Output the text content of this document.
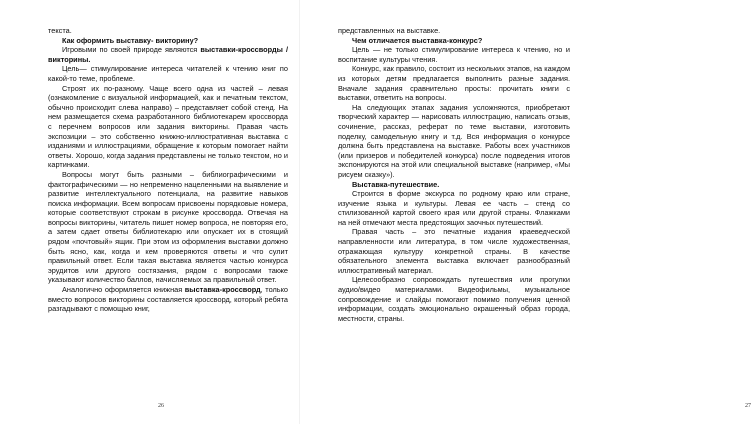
текста.

Как оформить выставку- викторину?

Игровыми по своей природе являются выставки-кроссворды / викторины.

Цель— стимулирование интереса читателей к чтению книг по какой-то теме, проблеме.

Строят их по-разному. Чаще всего одна из частей – левая (ознакомление с визуальной информацией, как и печатным текстом, обычно происходит слева направо) – представляет собой стенд. На нем размещается схема разработанного библиотекарем кроссворда с перечнем вопросов или задания викторины. Правая часть экспозиции – это собственно книжно-иллюстративная выставка с изданиями и иллюстрациями, обращение к которым помогает найти ответы. Хорошо, когда задания представлены не только текстом, но и картинками.

Вопросы могут быть разными – библиографическими и фактографическими — но непременно нацеленными на выявление и развитие интеллектуального потенциала, на развитие навыков поиска информации. Всем вопросам присвоены порядковые номера, которые соответствуют строкам в рисунке кроссворда. Отвечая на вопросы викторины, читатель пишет номер вопроса, не повторяя его, а затем сдает ответы библиотекарю или опускает их в стоящий рядом «почтовый» ящик. При этом из оформления выставки должно быть ясно, как, когда и кем проверяются ответы и что сулит правильный ответ. Если такая выставка является частью конкурса эрудитов или другого состязания, рядом с вопросами также указывают количество баллов, начисляемых за правильный ответ.

Аналогично оформляется книжная выставка-кроссворд, только вместо вопросов викторины составляется кроссворд, который ребята разгадывают с помощью книг,

26

представленных на выставке.

Чем отличается выставка-конкурс?

Цель — не только стимулирование интереса к чтению, но и воспитание культуры чтения.

Конкурс, как правило, состоит из нескольких этапов, на каждом из которых детям предлагается выполнить разные задания. Вначале задания сравнительно просты: прочитать книги с выставки, ответить на вопросы.

На следующих этапах задания усложняются, приобретают творческий характер — нарисовать иллюстрацию, написать отзыв, сочинение, рассказ, реферат по теме выставки, изготовить поделку, самодельную книгу и т.д. Вся информация о конкурсе должна быть представлена на выставке. Работы всех участников (или призеров и победителей конкурса) после подведения итогов экспонируются на этой или специальной выставке (например, «Мы рисуем сказку»).

Выставка-путешествие.

Строится в форме экскурса по родному краю или стране, изучение языка и культуры. Левая ее часть – стенд со стилизованной картой своего края или другой страны. Флажками на ней отмечают места предстоящих заочных путешествий.

Правая часть – это печатные издания краеведческой направленности или литература, в том числе художественная, отражающая культуру конкретной страны. В качестве обязательного элемента выставка включает разнообразный иллюстративный материал.

Целесообразно сопровождать путешествия или прогулки аудио/видео материалами. Видеофильмы, музыкальное сопровождение и слайды помогают помимо получения ценной информации, создать эмоционально окрашенный образ города, местности, страны.

27
